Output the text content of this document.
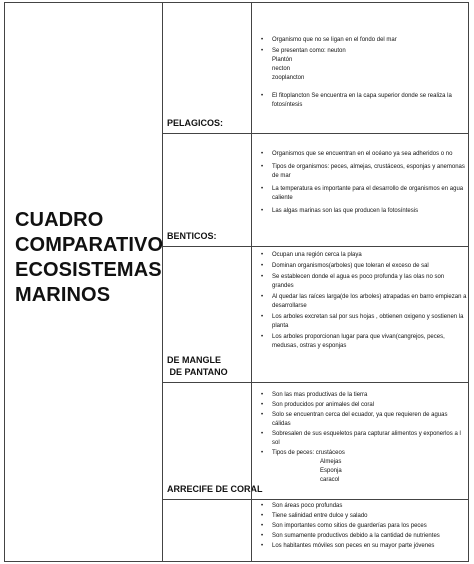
CUADRO
COMPARATIVO
ECOSISTEMAS
MARINOS
PELAGICOS:
• Organismo que no se ligan en el fondo del mar
• Se presentan como: neuton
Plantón
necton
zooplancton
• El fitoplancton Se encuentra en la capa superior donde se realiza la fotosíntesis
BENTICOS:
• Organismos que se encuentran en el océano ya sea adheridos o no
• Tipos de organismos: peces, almejas, crustáceos, esponjas y anemonas de mar
• La temperatura es importante para el desarrollo de organismos en agua caliente
• Las algas marinas son las que producen la fotosíntesis
DE MANGLE
DE PANTANO
• Ocupan una región cerca la playa
• Dominan organismos(arboles) que toleran el exceso de sal
• Se establecen donde el agua es poco profunda y las olas no son grandes
• Al quedar las raíces larga(de los arboles) atrapadas en barro empiezan a desarrollarse
• Los arboles excretan sal por sus hojas , obtienen oxigeno y sostienen la planta
• Los arboles proporcionan lugar para que vivan(cangrejos, peces, medusas, ostras y esponjas
ARRECIFE DE CORAL
• Son las mas productivas de la tierra
• Son producidos por animales del coral
• Solo se encuentran cerca del ecuador, ya que requieren de aguas cálidas
• Sobresalen de sus esqueletos para capturar alimentos y exponerlos a l sol
• Tipos de peces: crustáceos
Almejas
Esponja
caracol
• Son áreas poco profundas
• Tiene salinidad entre dulce y salado
• Son importantes como sitios de guarderías para los peces
• Son sumamente productivos debido a la cantidad de nutrientes
• Los habitantes móviles son peces en su mayor parte jóvenes
